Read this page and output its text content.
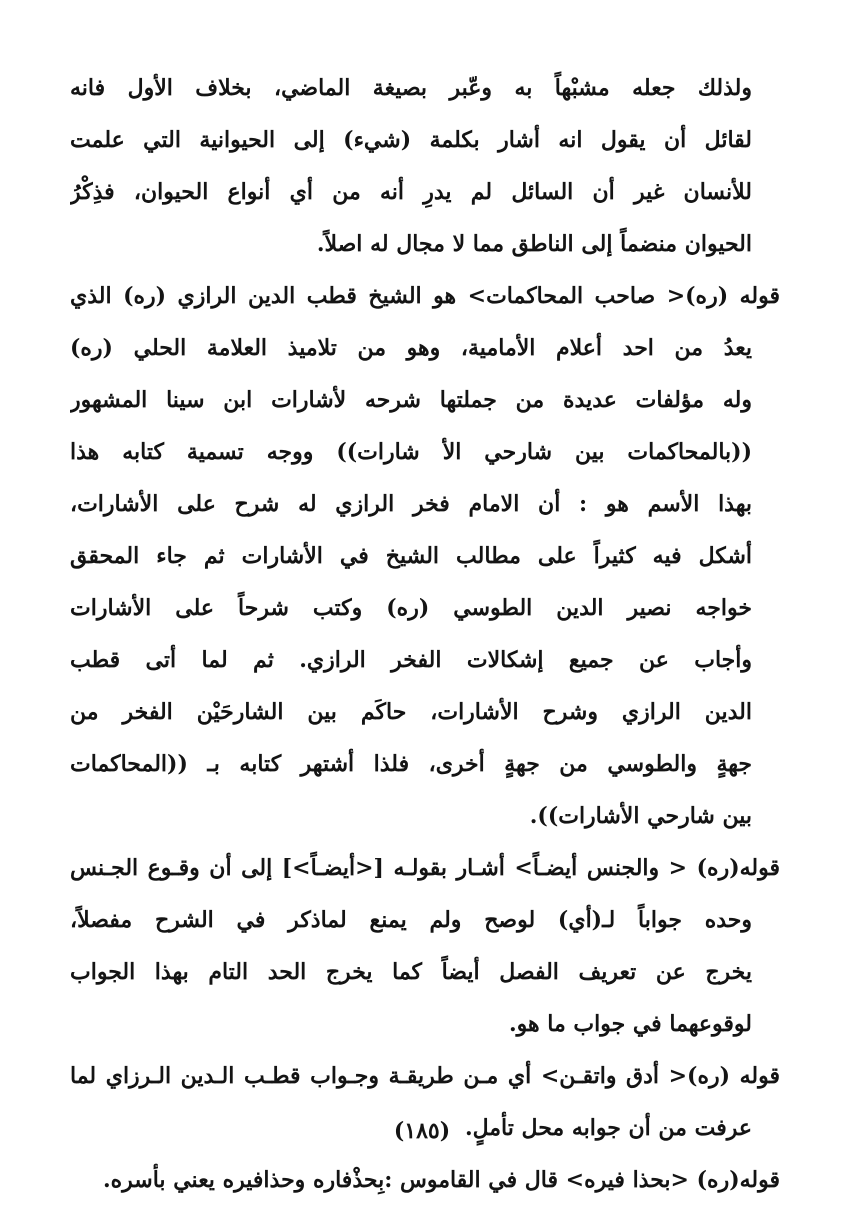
ولذلك جعله مشبْهاً به وعّبر بصيغة الماضي، بخلاف الأول فانه
لقائل أن يقول انه أشار بكلمة (شيء) إلى الحيوانية التي علمت
للأنسان غير أن السائل لم يدرِ أنه من أي أنواع الحيوان، فذِكْرُ
الحيوان منضماً إلى الناطق مما لا مجال له اصلاً.
قوله (ره)< صاحب المحاكمات> هو الشيخ قطب الدين الرازي (ره) الذي
يعدُ من احد أعلام الأمامية، وهو من تلاميذ العلامة الحلي (ره)
وله مؤلفات عديدة من جملتها شرحه لأشارات ابن سينا المشهور
((بالمحاكمات بين شارحي الأ شارات)) ووجه تسمية كتابه هذا
بهذا الأسم هو : أن الامام فخر الرازي له شرح على الأشارات،
أشكل فيه كثيراً على مطالب الشيخ في الأشارات ثم جاء المحقق
خواجه نصير الدين الطوسي (ره) وكتب شرحاً على الأشارات
وأجاب عن جميع إشكالات الفخر الرازي. ثم لما أتى قطب
الدين الرازي وشرح الأشارات، حاكَم بين الشارحَيْن الفخر من
جهةٍ والطوسي من جهةٍ أخرى، فلذا أشتهر كتابه بـ ((المحاكمات
بين شارحي الأشارات)).
قوله(ره) < والجنس أيضـاً> أشـار بقولـه [<أيضـاً>] إلى أن وقـوع الجـنس
وحده جواباً لـ(أي) لوصح ولم يمنع لماذكر في الشرح مفصلاً،
يخرج عن تعريف الفصل أيضاً كما يخرج الحد التام بهذا الجواب
لوقوعهما في جواب ما هو.
قوله (ره)< أدق واتقـن> أي مـن طريقـة وجـواب قطـب الـدين الـرزاي لما
عرفت من أن جوابه محل تأملٍ.
قوله(ره) <بحذا فيره> قال في القاموس :بِحذْفاره وحذافيره يعني بأسره.
(١٨٥)
